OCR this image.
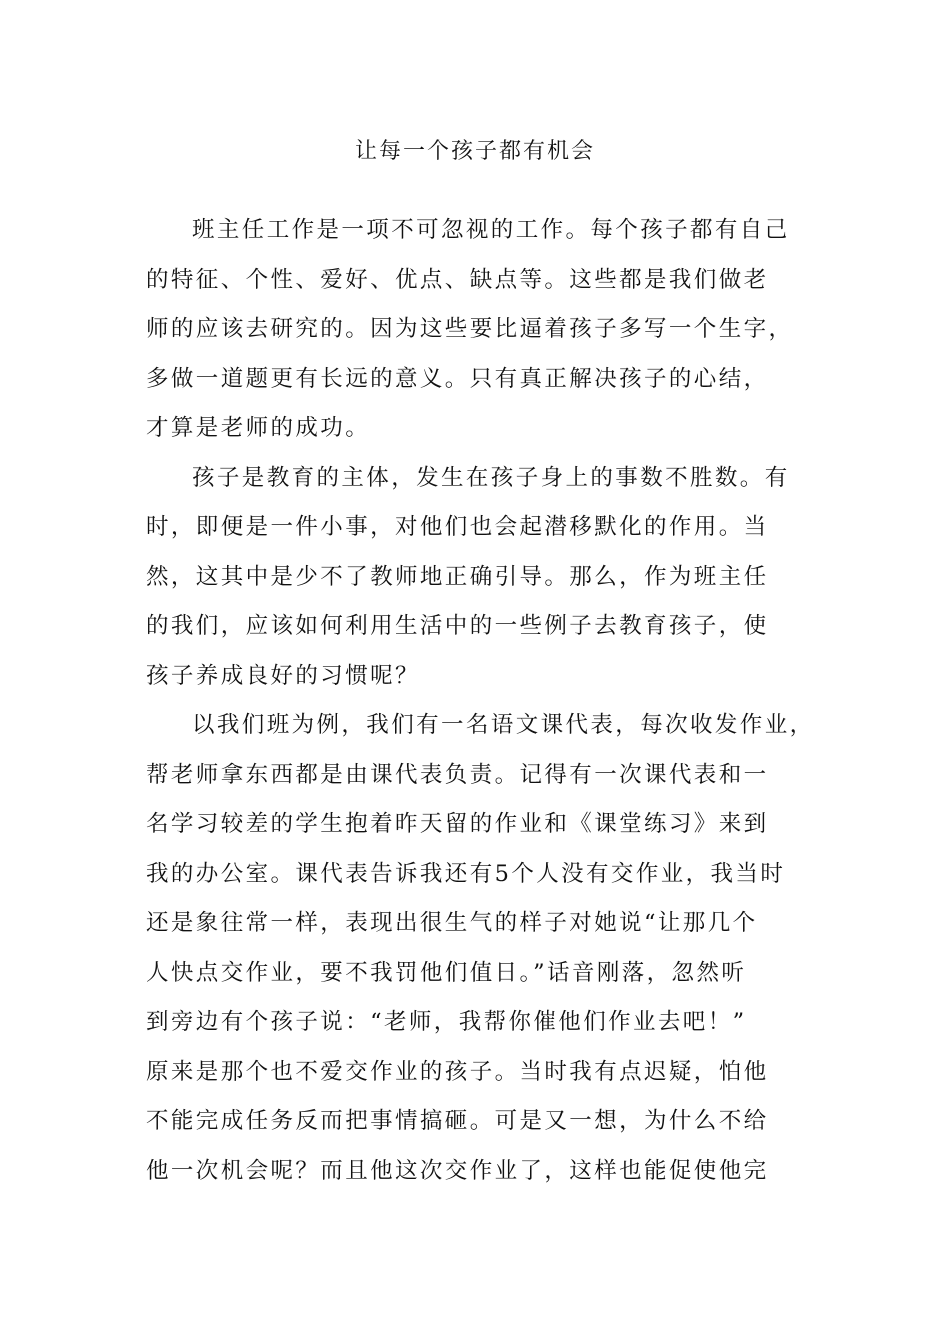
让每一个孩子都有机会
班主任工作是一项不可忽视的工作。每个孩子都有自己
的特征、个性、爱好、优点、缺点等。这些都是我们做老
师的应该去研究的。因为这些要比逼着孩子多写一个生字，
多做一道题更有长远的意义。只有真正解决孩子的心结，
才算是老师的成功。
孩子是教育的主体，发生在孩子身上的事数不胜数。有
时，即便是一件小事，对他们也会起潜移默化的作用。当
然，这其中是少不了教师地正确引导。那么，作为班主任
的我们，应该如何利用生活中的一些例子去教育孩子，使
孩子养成良好的习惯呢？
以我们班为例，我们有一名语文课代表，每次收发作业，
帮老师拿东西都是由课代表负责。记得有一次课代表和一
名学习较差的学生抱着昨天留的作业和《课堂练习》来到
我的办公室。课代表告诉我还有5个人没有交作业，我当时
还是象往常一样，表现出很生气的样子对她说“让那几个
人快点交作业，要不我罚他们值日。”话音刚落，忽然听
到旁边有个孩子说：“老师，我帮你催他们作业去吧！”
原来是那个也不爱交作业的孩子。当时我有点迟疑，怕他
不能完成任务反而把事情搞砸。可是又一想，为什么不给
他一次机会呢？而且他这次交作业了，这样也能促使他完
